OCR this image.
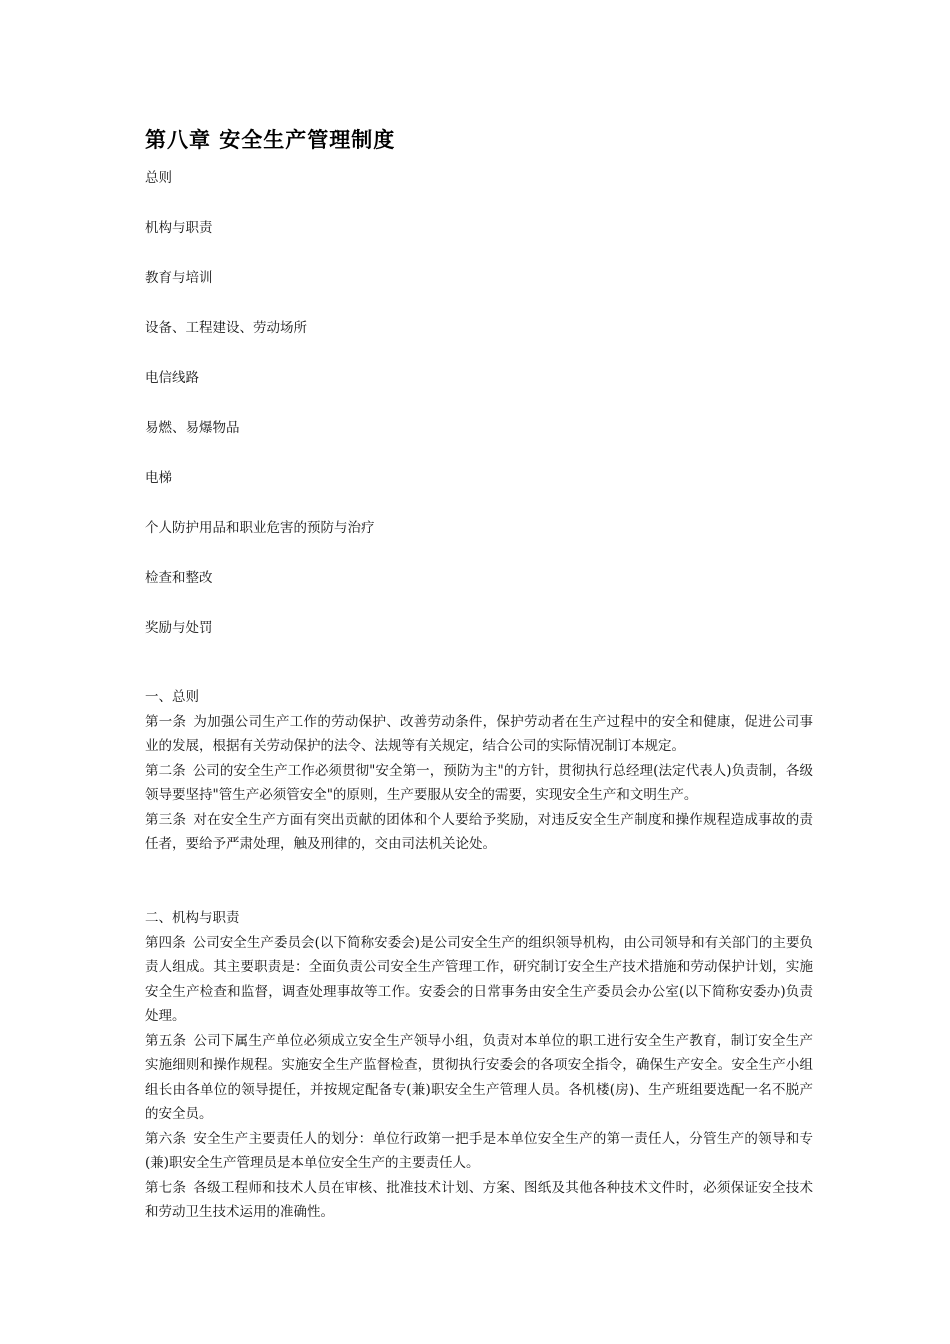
第八章 安全生产管理制度
总则
机构与职责
教育与培训
设备、工程建设、劳动场所
电信线路
易燃、易爆物品
电梯
个人防护用品和职业危害的预防与治疗
检查和整改
奖励与处罚
一、总则

第一条 为加强公司生产工作的劳动保护、改善劳动条件，保护劳动者在生产过程中的安全和健康，促进公司事业的发展，根据有关劳动保护的法令、法规等有关规定，结合公司的实际情况制订本规定。

第二条 公司的安全生产工作必须贯彻"安全第一，预防为主"的方针，贯彻执行总经理(法定代表人)负责制，各级领导要坚持"管生产必须管安全"的原则，生产要服从安全的需要，实现安全生产和文明生产。

第三条 对在安全生产方面有突出贡献的团体和个人要给予奖励，对违反安全生产制度和操作规程造成事故的责任者，要给予严肃处理，触及刑律的，交由司法机关论处。

二、机构与职责

第四条 公司安全生产委员会(以下简称安委会)是公司安全生产的组织领导机构，由公司领导和有关部门的主要负责人组成。其主要职责是：全面负责公司安全生产管理工作，研究制订安全生产技术措施和劳动保护计划，实施安全生产检查和监督，调查处理事故等工作。安委会的日常事务由安全生产委员会办公室(以下简称安委办)负责处理。

第五条 公司下属生产单位必须成立安全生产领导小组，负责对本单位的职工进行安全生产教育，制订安全生产实施细则和操作规程。实施安全生产监督检查，贯彻执行安委会的各项安全指令，确保生产安全。安全生产小组组长由各单位的领导提任，并按规定配备专(兼)职安全生产管理人员。各机楼(房)、生产班组要选配一名不脱产的安全员。

第六条 安全生产主要责任人的划分：单位行政第一把手是本单位安全生产的第一责任人，分管生产的领导和专(兼)职安全生产管理员是本单位安全生产的主要责任人。

第七条 各级工程师和技术人员在审核、批准技术计划、方案、图纸及其他各种技术文件时，必须保证安全技术和劳动卫生技术运用的准确性。
